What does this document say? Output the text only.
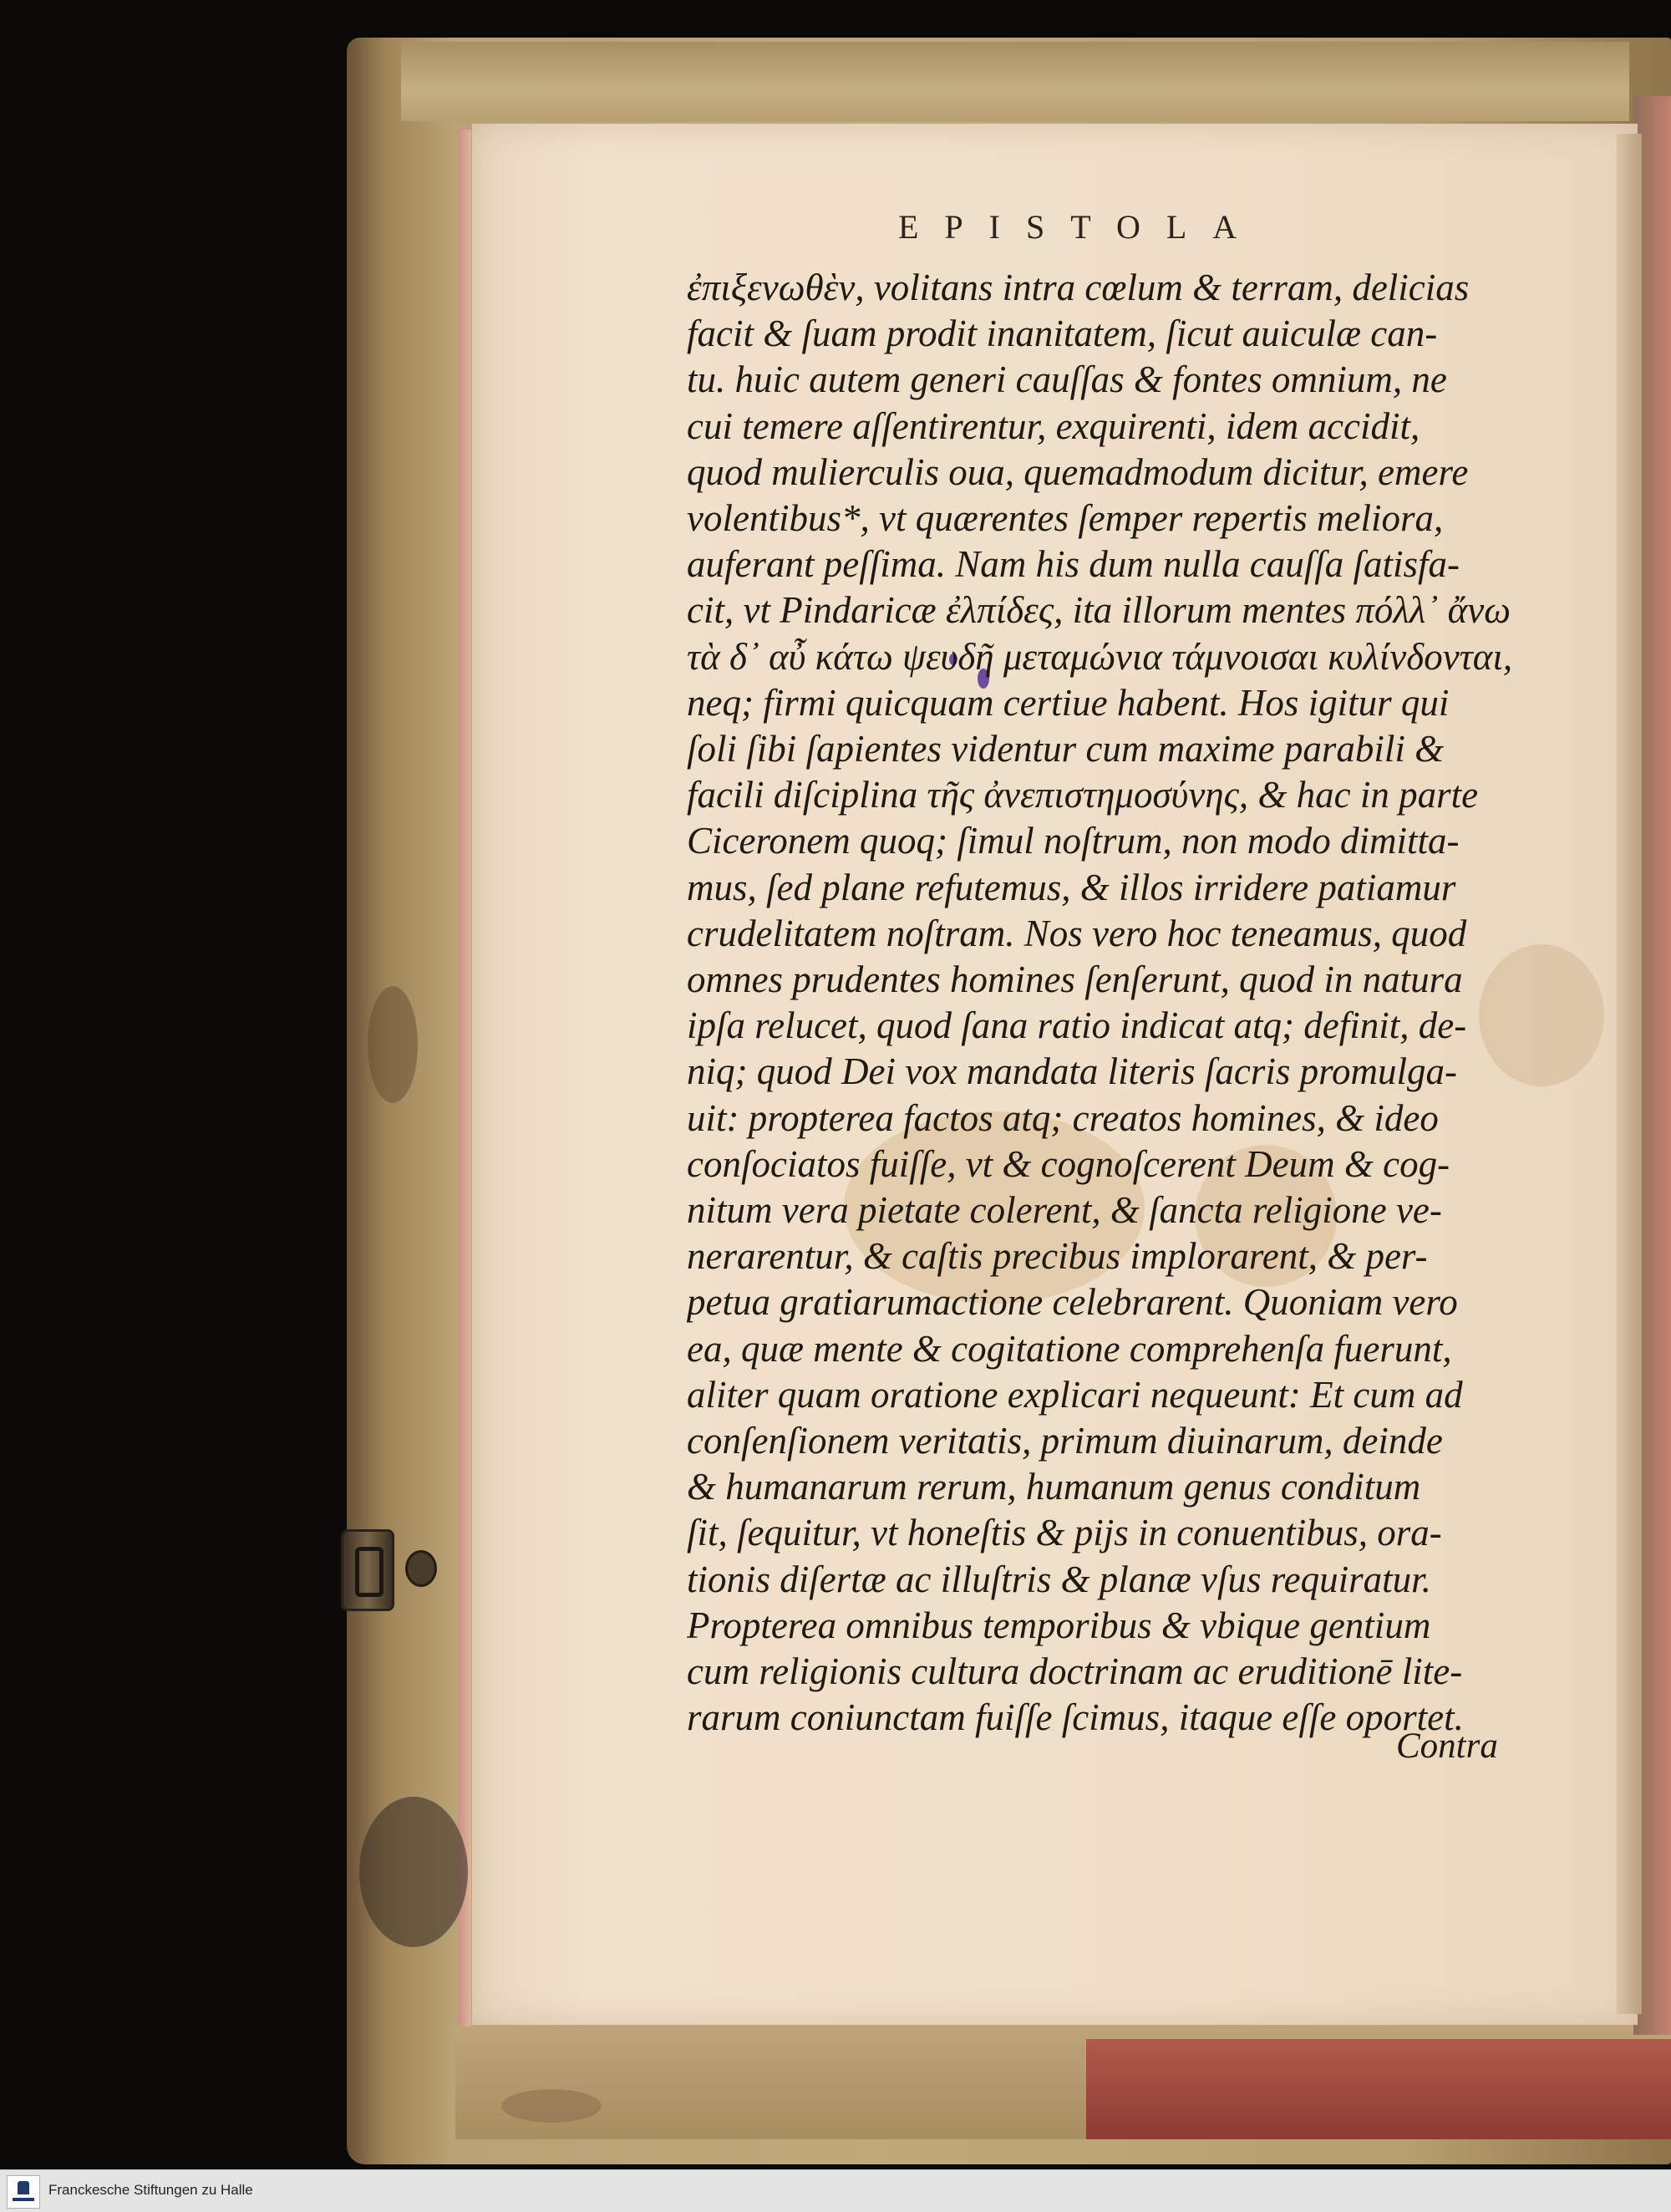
EPISTOLA
ἐπιξενωθὲν, volitans intra cœlum & terram, delicias
facit & ſuam prodit inanitatem, ſicut auiculæ can-
tu. huic autem generi cauſſas & fontes omnium, ne
cui temere aſſentirentur, exquirenti, idem accidit,
quod mulierculis oua, quemadmodum dicitur, emere
volentibus*, vt quærentes ſemper repertis meliora,
auferant peſſima. Nam his dum nulla cauſſa ſatisfa-
cit, vt Pindaricæ ἐλπίδες, ita illorum mentes πόλλ᾽ ἄνω
τὰ δ᾽ αὖ κάτω ψευδῆ μεταμώνια τάμνοισαι κυλίνδονται,
neq; firmi quicquam certiue habent. Hos igitur qui
ſoli ſibi ſapientes videntur cum maxime parabili &
facili diſciplina τῆς ἀνεπιστημοσύνης, & hac in parte
Ciceronem quoq; ſimul noſtrum, non modo dimitta-
mus, ſed plane refutemus, & illos irridere patiamur
crudelitatem noſtram. Nos vero hoc teneamus, quod
omnes prudentes homines ſenſerunt, quod in natura
ipſa relucet, quod ſana ratio indicat atq; definit, de-
niq; quod Dei vox mandata literis ſacris promulga-
uit: propterea factos atq; creatos homines, & ideo
conſociatos fuiſſe, vt & cognoſcerent Deum & cog-
nitum vera pietate colerent, & ſancta religione ve-
nerarentur, & caſtis precibus implorarent, & per-
petua gratiarumactione celebrarent. Quoniam vero
ea, quæ mente & cogitatione comprehenſa fuerunt,
aliter quam oratione explicari nequeunt: Et cum ad
conſenſionem veritatis, primum diuinarum, deinde
& humanarum rerum, humanum genus conditum
ſit, ſequitur, vt honeſtis & pijs in conuentibus, ora-
tionis diſertæ ac illuſtris & planæ vſus requiratur.
Propterea omnibus temporibus & vbique gentium
cum religionis cultura doctrinam ac eruditionē lite-
rarum coniunctam fuiſſe ſcimus, itaque eſſe oportet.
Contra
Franckesche Stiftungen zu Halle
